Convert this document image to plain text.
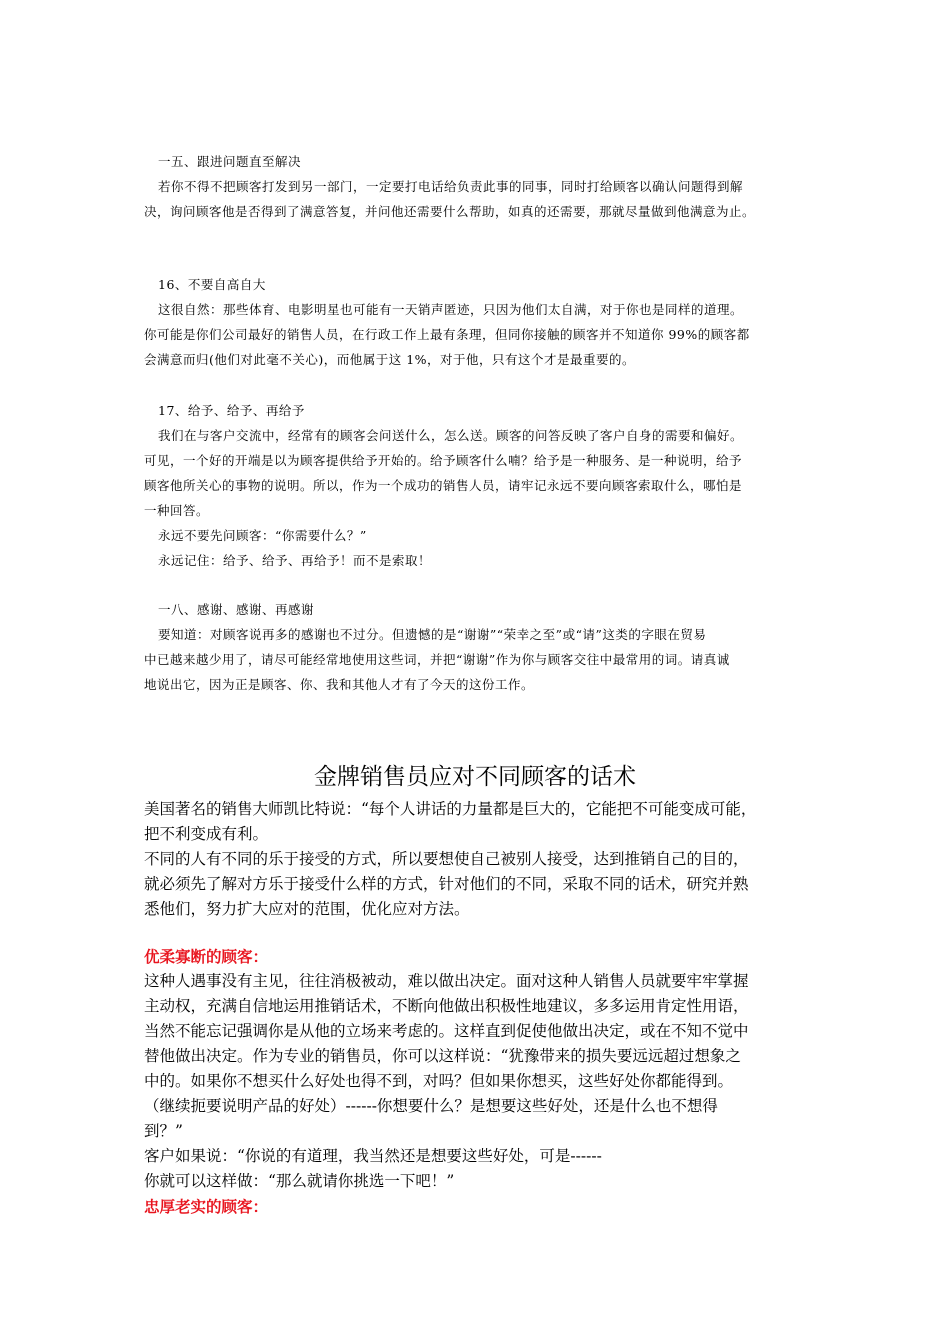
一五、跟进问题直至解决

若你不得不把顾客打发到另一部门，一定要打电话给负责此事的同事，同时打给顾客以确认问题得到解

决，询问顾客他是否得到了满意答复，并问他还需要什么帮助，如真的还需要，那就尽量做到他满意为止。

16、不要自高自大

这很自然：那些体育、电影明星也可能有一天销声匿迹，只因为他们太自满，对于你也是同样的道理。

你可能是你们公司最好的销售人员，在行政工作上最有条理，但同你接触的顾客并不知道你 99%的顾客都

会满意而归(他们对此毫不关心)，而他属于这 1%，对于他，只有这个才是最重要的。

17、给予、给予、再给予

我们在与客户交流中，经常有的顾客会问送什么，怎么送。顾客的问答反映了客户自身的需要和偏好。

可见，一个好的开端是以为顾客提供给予开始的。给予顾客什么喃？给予是一种服务、是一种说明，给予

顾客他所关心的事物的说明。所以，作为一个成功的销售人员，请牢记永远不要向顾客索取什么，哪怕是

一种回答。

永远不要先问顾客：“你需要什么？”

永远记住：给予、给予、再给予！而不是索取！

一八、感谢、感谢、再感谢

要知道：对顾客说再多的感谢也不过分。但遗憾的是“谢谢”“荣幸之至”或“请”这类的字眼在贸易

中已越来越少用了，请尽可能经常地使用这些词，并把“谢谢”作为你与顾客交往中最常用的词。请真诚

地说出它，因为正是顾客、你、我和其他人才有了今天的这份工作。

金牌销售员应对不同顾客的话术

美国著名的销售大师凯比特说：“每个人讲话的力量都是巨大的，它能把不可能变成可能，

把不利变成有利。

不同的人有不同的乐于接受的方式，所以要想使自己被别人接受，达到推销自己的目的，

就必须先了解对方乐于接受什么样的方式，针对他们的不同，采取不同的话术，研究并熟

悉他们，努力扩大应对的范围，优化应对方法。

优柔寡断的顾客：

这种人遇事没有主见，往往消极被动，难以做出决定。面对这种人销售人员就要牢牢掌握

主动权，充满自信地运用推销话术，不断向他做出积极性地建议，多多运用肯定性用语，

当然不能忘记强调你是从他的立场来考虑的。这样直到促使他做出决定，或在不知不觉中

替他做出决定。作为专业的销售员，你可以这样说：“犹豫带来的损失要远远超过想象之

中的。如果你不想买什么好处也得不到，对吗？但如果你想买，这些好处你都能得到。

（继续扼要说明产品的好处）------你想要什么？是想要这些好处，还是什么也不想得

到？”

客户如果说：“你说的有道理，我当然还是想要这些好处，可是------

你就可以这样做：“那么就请你挑选一下吧！”

忠厚老实的顾客：
